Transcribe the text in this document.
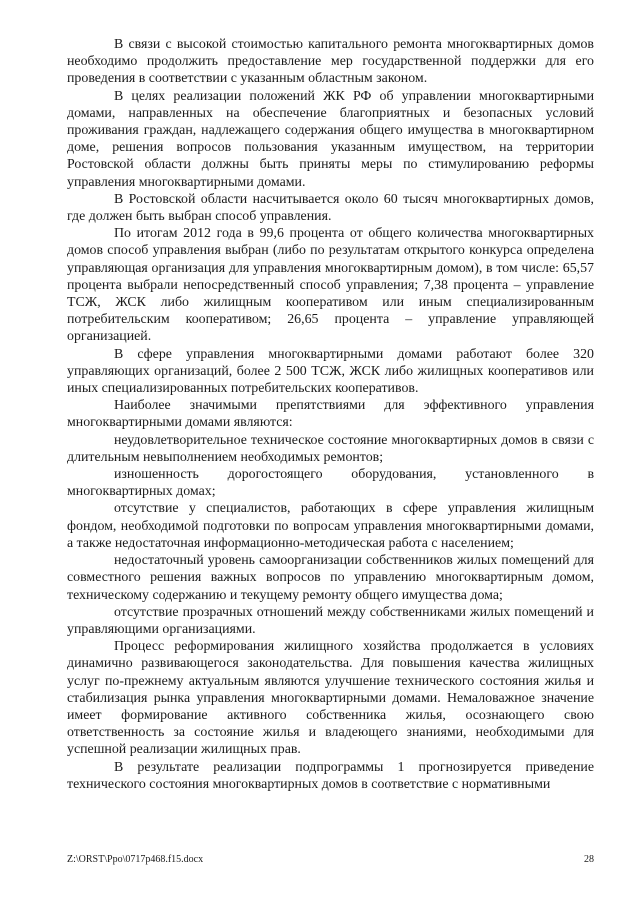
В связи с высокой стоимостью капитального ремонта многоквартирных домов необходимо продолжить предоставление мер государственной поддержки для его проведения в соответствии с указанным областным законом.

В целях реализации положений ЖК РФ об управлении многоквартирными домами, направленных на обеспечение благоприятных и безопасных условий проживания граждан, надлежащего содержания общего имущества в многоквартирном доме, решения вопросов пользования указанным имуществом, на территории Ростовской области должны быть приняты меры по стимулированию реформы управления многоквартирными домами.

В Ростовской области насчитывается около 60 тысяч многоквартирных домов, где должен быть выбран способ управления.

По итогам 2012 года в 99,6 процента от общего количества многоквартирных домов способ управления выбран (либо по результатам открытого конкурса определена управляющая организация для управления многоквартирным домом), в том числе: 65,57 процента выбрали непосредственный способ управления; 7,38 процента – управление ТСЖ, ЖСК либо жилищным кооперативом или иным специализированным потребительским кооперативом; 26,65 процента – управление управляющей организацией.

В сфере управления многоквартирными домами работают более 320 управляющих организаций, более 2 500 ТСЖ, ЖСК либо жилищных кооперативов или иных специализированных потребительских кооперативов.

Наиболее значимыми препятствиями для эффективного управления многоквартирными домами являются:

неудовлетворительное техническое состояние многоквартирных домов в связи с длительным невыполнением необходимых ремонтов;

изношенность дорогостоящего оборудования, установленного в многоквартирных домах;

отсутствие у специалистов, работающих в сфере управления жилищным фондом, необходимой подготовки по вопросам управления многоквартирными домами, а также недостаточная информационно-методическая работа с населением;

недостаточный уровень самоорганизации собственников жилых помещений для совместного решения важных вопросов по управлению многоквартирным домом, техническому содержанию и текущему ремонту общего имущества дома;

отсутствие прозрачных отношений между собственниками жилых помещений и управляющими организациями.

Процесс реформирования жилищного хозяйства продолжается в условиях динамично развивающегося законодательства. Для повышения качества жилищных услуг по-прежнему актуальным являются улучшение технического состояния жилья и стабилизация рынка управления многоквартирными домами. Немаловажное значение имеет формирование активного собственника жилья, осознающего свою ответственность за состояние жилья и владеющего знаниями, необходимыми для успешной реализации жилищных прав.

В результате реализации подпрограммы 1 прогнозируется приведение технического состояния многоквартирных домов в соответствие с нормативными

Z:\ORST\Ppo\0717p468.f15.docx	28
